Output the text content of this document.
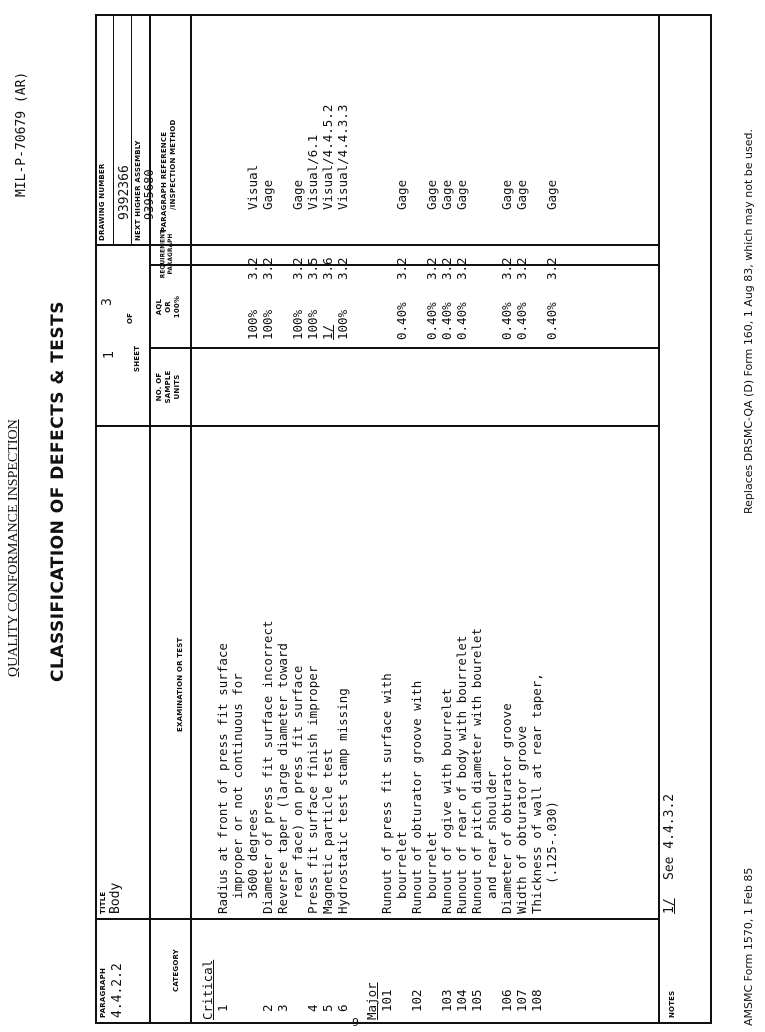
QUALITY CONFORMANCE INSPECTION
MIL-P-70679 (AR)
CLASSIFICATION OF DEFECTS & TESTS
PARAGRAPH 4.4.2.2
TITLE Body
SHEET
1
OF
3
DRAWING NUMBER 9392366 NEXT HIGHER ASSEMBLY 9395680
CATEGORY
EXAMINATION OR TEST
NO. OF SAMPLE UNITS
AQL OR 100%
REQUIREMENT PARAGRAPH
PARAGRAPH REFERENCE /INSPECTION METHOD
Critical 1
Radius at front of press fit surface improper or not continuous for 3600 degrees
100%
3.2
Visual
2
Diameter of press fit surface incorrect
100%
3.2
Gage
3
Reverse taper (large diameter toward rear face) on press fit surface
100%
3.2
Gage
4
Press fit surface finish improper
100%
3.5
Visual/6.1
5
Magnetic particle test
1/
3.6
Visual/4.4.5.2
6
Hydrostatic test stamp missing
100%
3.2
Visual/4.4.3.3
Major 101
Runout of press fit surface with bourrelet
0.40%
3.2
Gage
102
Runout of obturator groove with bourrelet
0.40%
3.2
Gage
103
Runout of ogive with bourrelet
0.40%
3.2
Gage
104
Runout of rear of body with bourrelet
0.40%
3.2
Gage
105
Runout of pitch diameter with bourelet and rear shoulder
106
Diameter of obturator groove
0.40%
3.2
Gage
107
Width of obturator groove
0.40%
3.2
Gage
108
Thickness of wall at rear taper, (.125-.030)
0.40%
3.2
Gage
NOTES
1/
See 4.4.3.2
AMSMC Form 1570, 1 Feb 85
Replaces DRSMC-QA (D) Form 160, 1 Aug 83, which may not be used.
9
